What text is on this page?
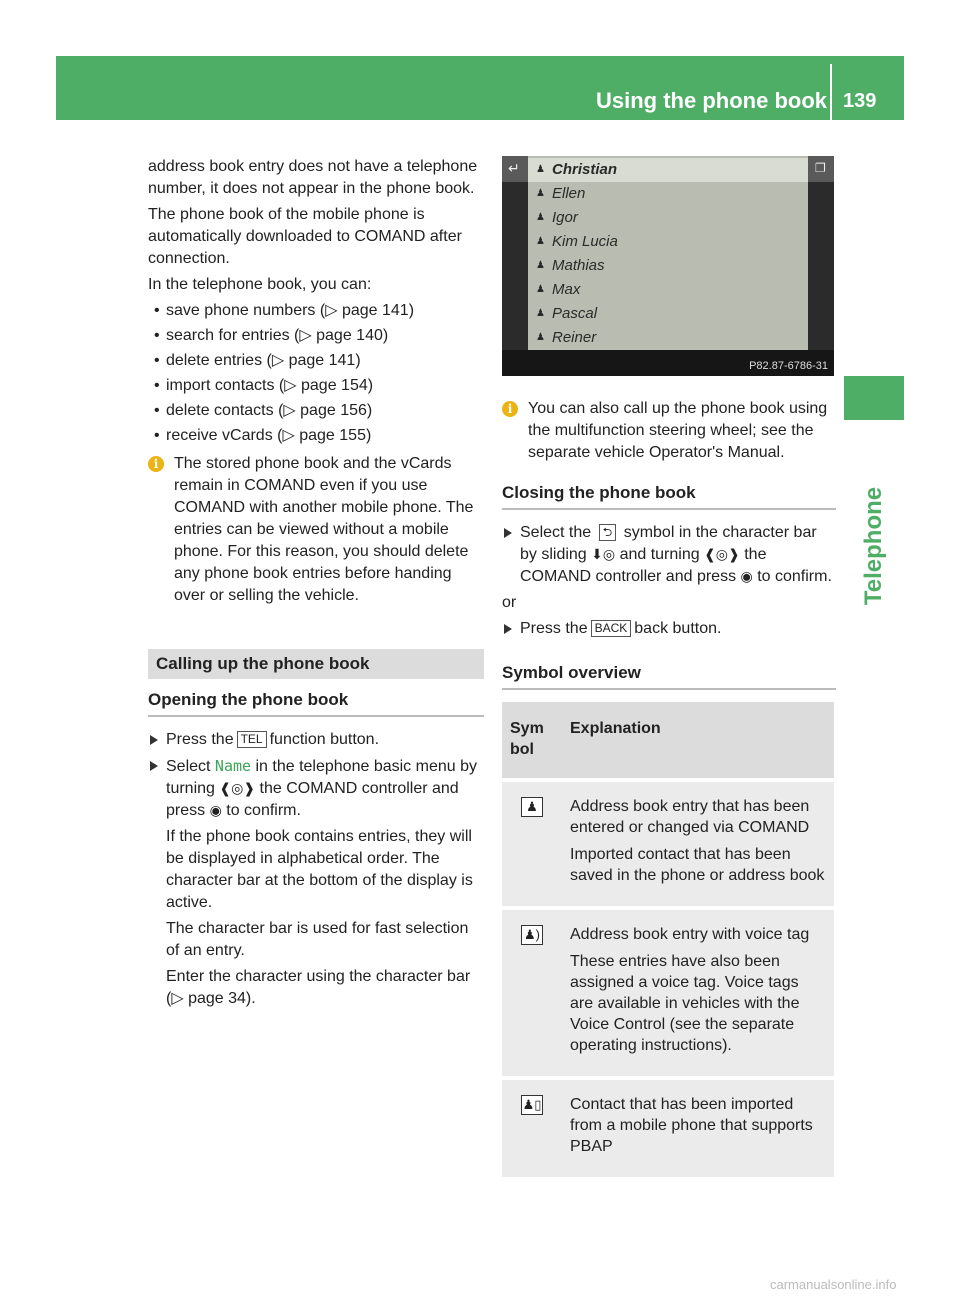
Using the phone book 139
Telephone

address book entry does not have a telephone number, it does not appear in the phone book.

The phone book of the mobile phone is automatically downloaded to COMAND after connection.

In the telephone book, you can:

• save phone numbers (▷ page 141)
• search for entries (▷ page 140)
• delete entries (▷ page 141)
• import contacts (▷ page 154)
• delete contacts (▷ page 156)
• receive vCards (▷ page 155)
i The stored phone book and the vCards remain in COMAND even if you use COMAND with another mobile phone. The entries can be viewed without a mobile phone. For this reason, you should delete any phone book entries before handing over or selling the vehicle.
Calling up the phone book
Opening the phone book
Press the TEL function button.

Select Name in the telephone basic menu by turning ❰◎❱ the COMAND controller and press ◉ to confirm.

If the phone book contains entries, they will be displayed in alphabetical order. The character bar at the bottom of the display is active.

The character bar is used for fast selection of an entry.

Enter the character using the character bar (▷ page 34).

↵ ♟ Christian
♟ Ellen
♟ Igor
♟ Kim Lucia
♟ Mathias
♟ Max
♟ Pascal
♟ Reiner
❐
P82.87-6786-31
i You can also call up the phone book using the multifunction steering wheel; see the separate vehicle Operator's Manual.
Closing the phone book
Select the ⮌ symbol in the character bar by sliding ⬇◎ and turning ❰◎❱ the COMAND controller and press ◉ to confirm.

or

Press the BACK back button.
Symbol overview
Sym bol	Explanation
♟	Address book entry that has been entered or changed via COMAND

Imported contact that has been saved in the phone or address book

♟)	Address book entry with voice tag

These entries have also been assigned a voice tag. Voice tags are available in vehicles with the Voice Control (see the separate operating instructions).

♟▯	Contact that has been imported from a mobile phone that supports PBAP

carmanualsonline.info
